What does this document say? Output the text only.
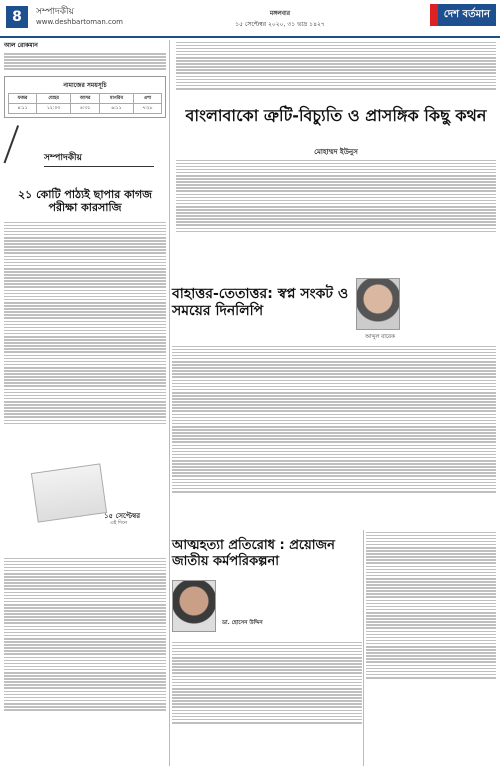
8	সম্পাদকীয়
www.deshbartoman.com
মঙ্গলবার
১৫ সেপ্টেম্বর ২০২০, ৩১ ভাদ্র ১৪২৭
দেশ বর্তমান
আল রোকমান
নামাজের সময়সূচি
ফজর	যোহর	আসর	মাগরিব	এশা
৪:১১	১২:০৩	৪:৩১	৬:১১	৭:২৮
সম্পাদকীয়
২১ কোটি পাঠ্যই ছাপার কাগজ পরীক্ষা কারসাজি
১৫ সেপ্টেম্বর
এই দিনে
বাংলাবাকো ত্রুটি-বিচ্যুতি ও প্রাসঙ্গিক কিছু কথন
মোহাম্মদ ইউনুস
বাহাত্তর-তেতাত্তর: স্বপ্ন সংকট ও সময়ের দিনলিপি
আব্দুল বারেক
আত্মহত্যা প্রতিরোধ : প্রয়োজন জাতীয় কর্মপরিকল্পনা
ডা. হোসেন উদ্দিন
